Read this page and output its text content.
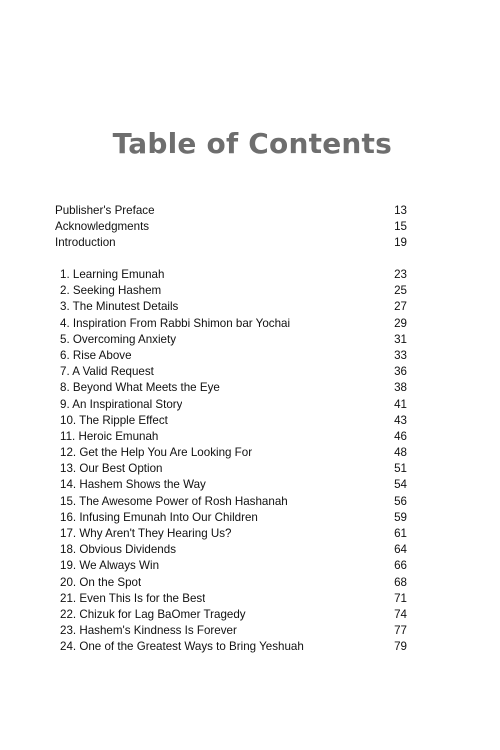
Table of Contents
Publisher's Preface	13
Acknowledgments	15
Introduction	19
1. Learning Emunah	23
2. Seeking Hashem	25
3. The Minutest Details	27
4. Inspiration From Rabbi Shimon bar Yochai	29
5. Overcoming Anxiety	31
6. Rise Above	33
7. A Valid Request	36
8. Beyond What Meets the Eye	38
9. An Inspirational Story	41
10. The Ripple Effect	43
11. Heroic Emunah	46
12. Get the Help You Are Looking For	48
13. Our Best Option	51
14. Hashem Shows the Way	54
15. The Awesome Power of Rosh Hashanah	56
16. Infusing Emunah Into Our Children	59
17. Why Aren't They Hearing Us?	61
18. Obvious Dividends	64
19. We Always Win	66
20. On the Spot	68
21. Even This Is for the Best	71
22. Chizuk for Lag BaOmer Tragedy	74
23. Hashem's Kindness Is Forever	77
24. One of the Greatest Ways to Bring Yeshuah	79
